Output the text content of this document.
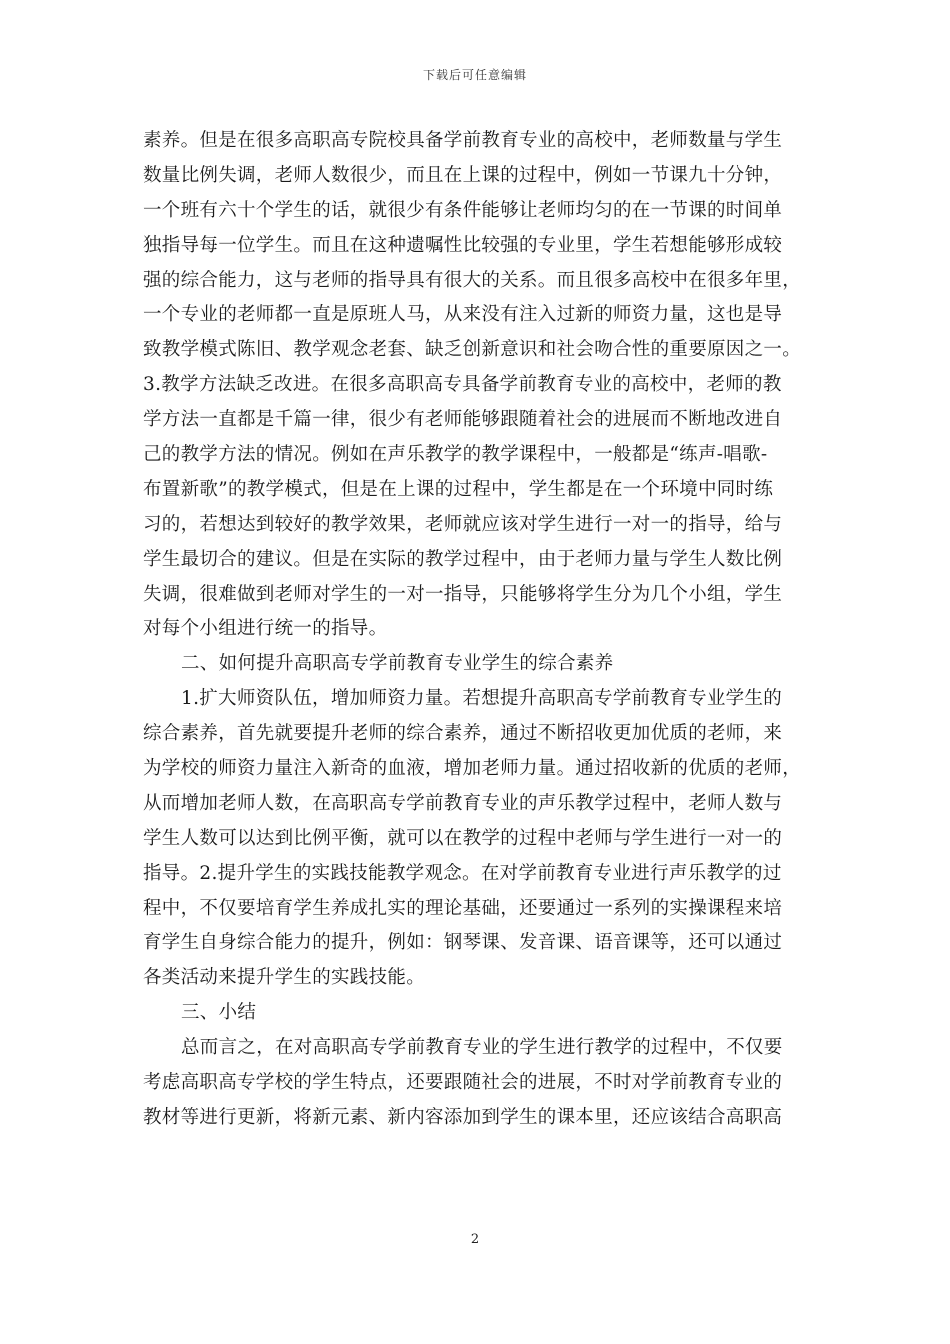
下载后可任意编辑
素养。但是在很多高职高专院校具备学前教育专业的高校中，老师数量与学生
数量比例失调，老师人数很少，而且在上课的过程中，例如一节课九十分钟，
一个班有六十个学生的话，就很少有条件能够让老师均匀的在一节课的时间单
独指导每一位学生。而且在这种遗嘱性比较强的专业里，学生若想能够形成较
强的综合能力，这与老师的指导具有很大的关系。而且很多高校中在很多年里，
一个专业的老师都一直是原班人马，从来没有注入过新的师资力量，这也是导
致教学模式陈旧、教学观念老套、缺乏创新意识和社会吻合性的重要原因之一。
3.教学方法缺乏改进。在很多高职高专具备学前教育专业的高校中，老师的教
学方法一直都是千篇一律，很少有老师能够跟随着社会的进展而不断地改进自
己的教学方法的情况。例如在声乐教学的教学课程中，一般都是“练声-唱歌-
布置新歌”的教学模式，但是在上课的过程中，学生都是在一个环境中同时练
习的，若想达到较好的教学效果，老师就应该对学生进行一对一的指导，给与
学生最切合的建议。但是在实际的教学过程中，由于老师力量与学生人数比例
失调，很难做到老师对学生的一对一指导，只能够将学生分为几个小组，学生
对每个小组进行统一的指导。
二、如何提升高职高专学前教育专业学生的综合素养
1.扩大师资队伍，增加师资力量。若想提升高职高专学前教育专业学生的
综合素养，首先就要提升老师的综合素养，通过不断招收更加优质的老师，来
为学校的师资力量注入新奇的血液，增加老师力量。通过招收新的优质的老师，
从而增加老师人数，在高职高专学前教育专业的声乐教学过程中，老师人数与
学生人数可以达到比例平衡，就可以在教学的过程中老师与学生进行一对一的
指导。2.提升学生的实践技能教学观念。在对学前教育专业进行声乐教学的过
程中，不仅要培育学生养成扎实的理论基础，还要通过一系列的实操课程来培
育学生自身综合能力的提升，例如：钢琴课、发音课、语音课等，还可以通过
各类活动来提升学生的实践技能。
三、小结
总而言之，在对高职高专学前教育专业的学生进行教学的过程中，不仅要
考虑高职高专学校的学生特点，还要跟随社会的进展，不时对学前教育专业的
教材等进行更新，将新元素、新内容添加到学生的课本里，还应该结合高职高
2
